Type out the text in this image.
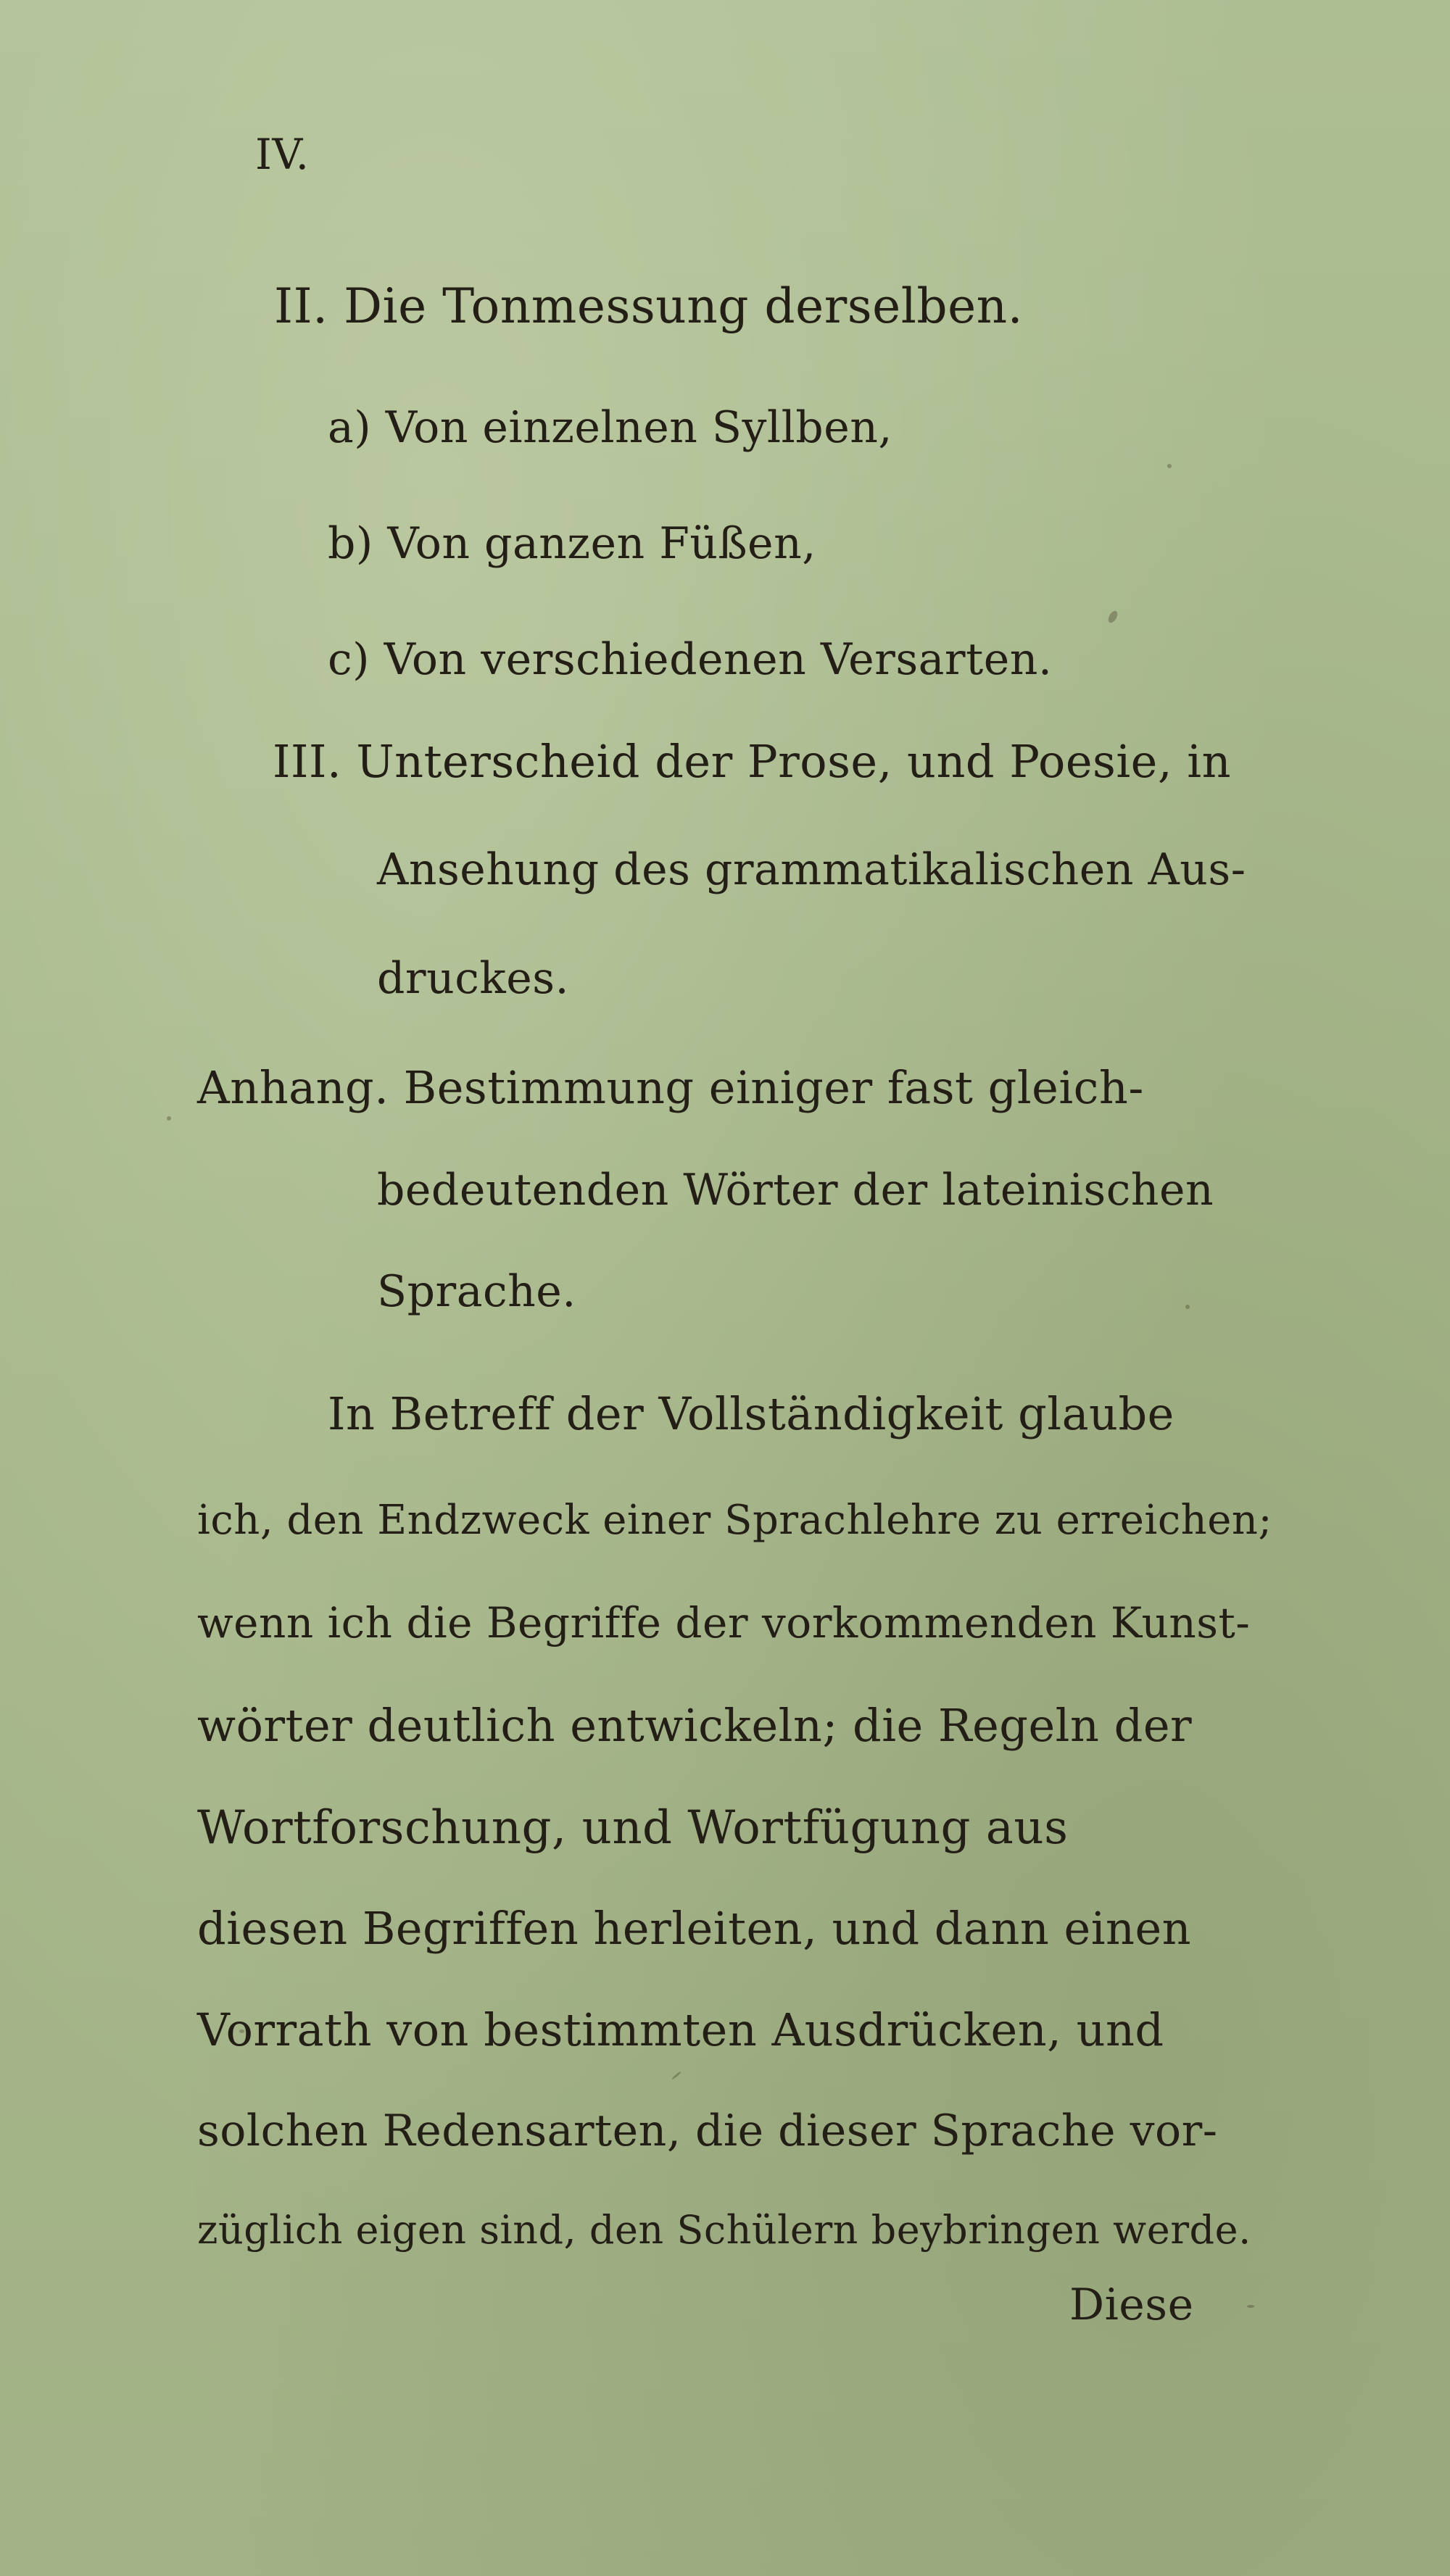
IV.
II. Die Tonmessung derselben.
a) Von einzelnen Syllben,
b) Von ganzen Füßen,
c) Von verschiedenen Versarten.
III. Unterscheid der Prose, und Poesie, in
Ansehung des grammatikalischen Aus-
druckes.
Anhang. Bestimmung einiger fast gleich-
bedeutenden Wörter der lateinischen
Sprache.
In Betreff der Vollständigkeit glaube
ich, den Endzweck einer Sprachlehre zu erreichen;
wenn ich die Begriffe der vorkommenden Kunst-
wörter deutlich entwickeln; die Regeln der
Wortforschung, und Wortfügung aus
diesen Begriffen herleiten, und dann einen
Vorrath von bestimmten Ausdrücken, und
solchen Redensarten, die dieser Sprache vor-
züglich eigen sind, den Schülern beybringen werde.
Diese
